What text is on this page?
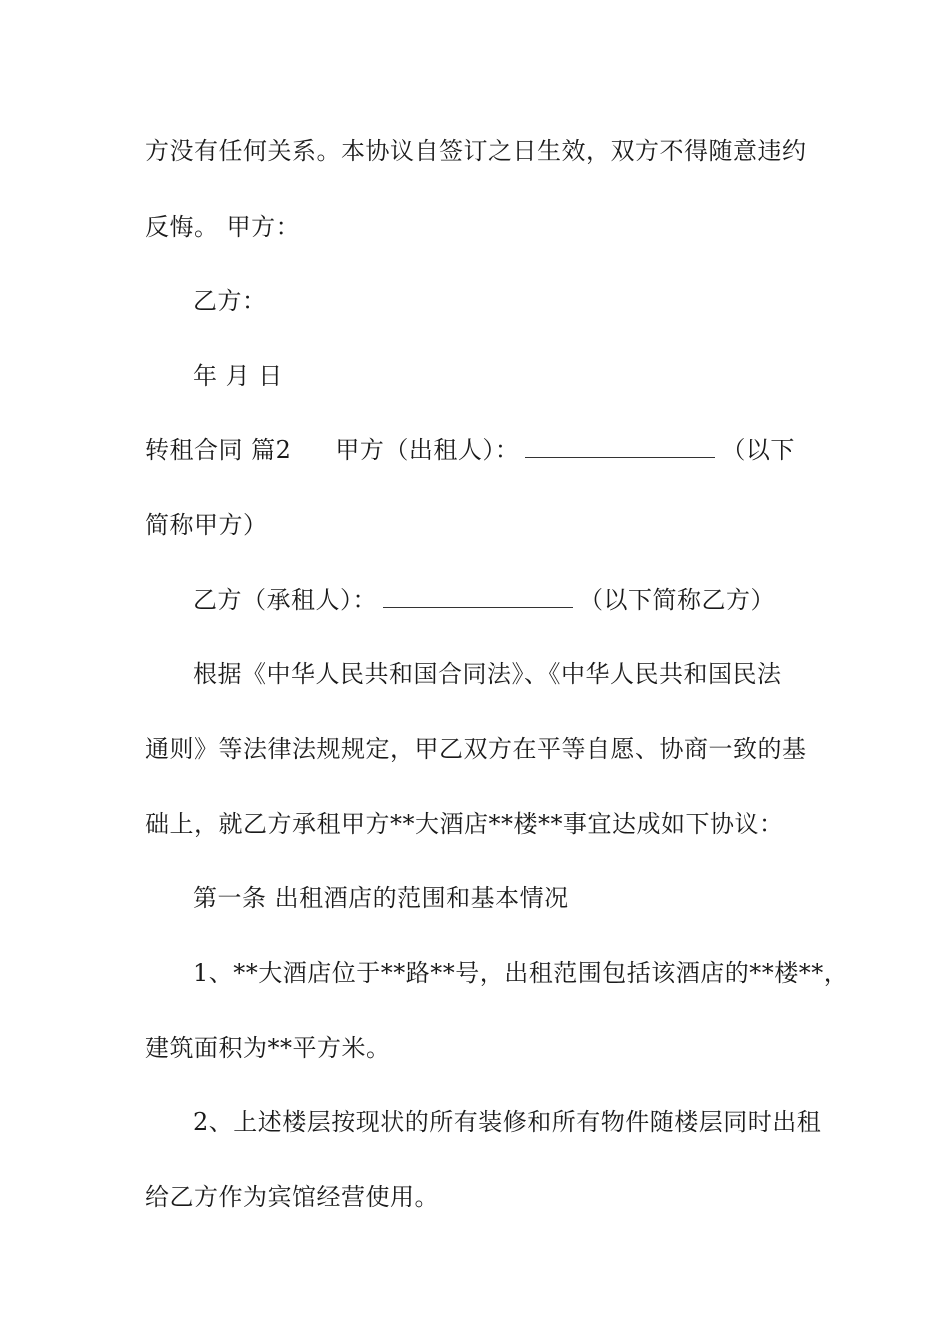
方没有任何关系。本协议自签订之日生效，双方不得随意违约
反悔。 甲方：
乙方：
年 月 日
转租合同 篇2 甲方（出租人）：	（以下
简称甲方）
乙方（承租人）：	（以下简称乙方）
根据《中华人民共和国合同法》、《中华人民共和国民法
通则》等法律法规规定，甲乙双方在平等自愿、协商一致的基
础上，就乙方承租甲方**大酒店**楼**事宜达成如下协议：
第一条 出租酒店的范围和基本情况
1、**大酒店位于**路**号，出租范围包括该酒店的**楼**，
建筑面积为**平方米。
2、上述楼层按现状的所有装修和所有物件随楼层同时出租
给乙方作为宾馆经营使用。
